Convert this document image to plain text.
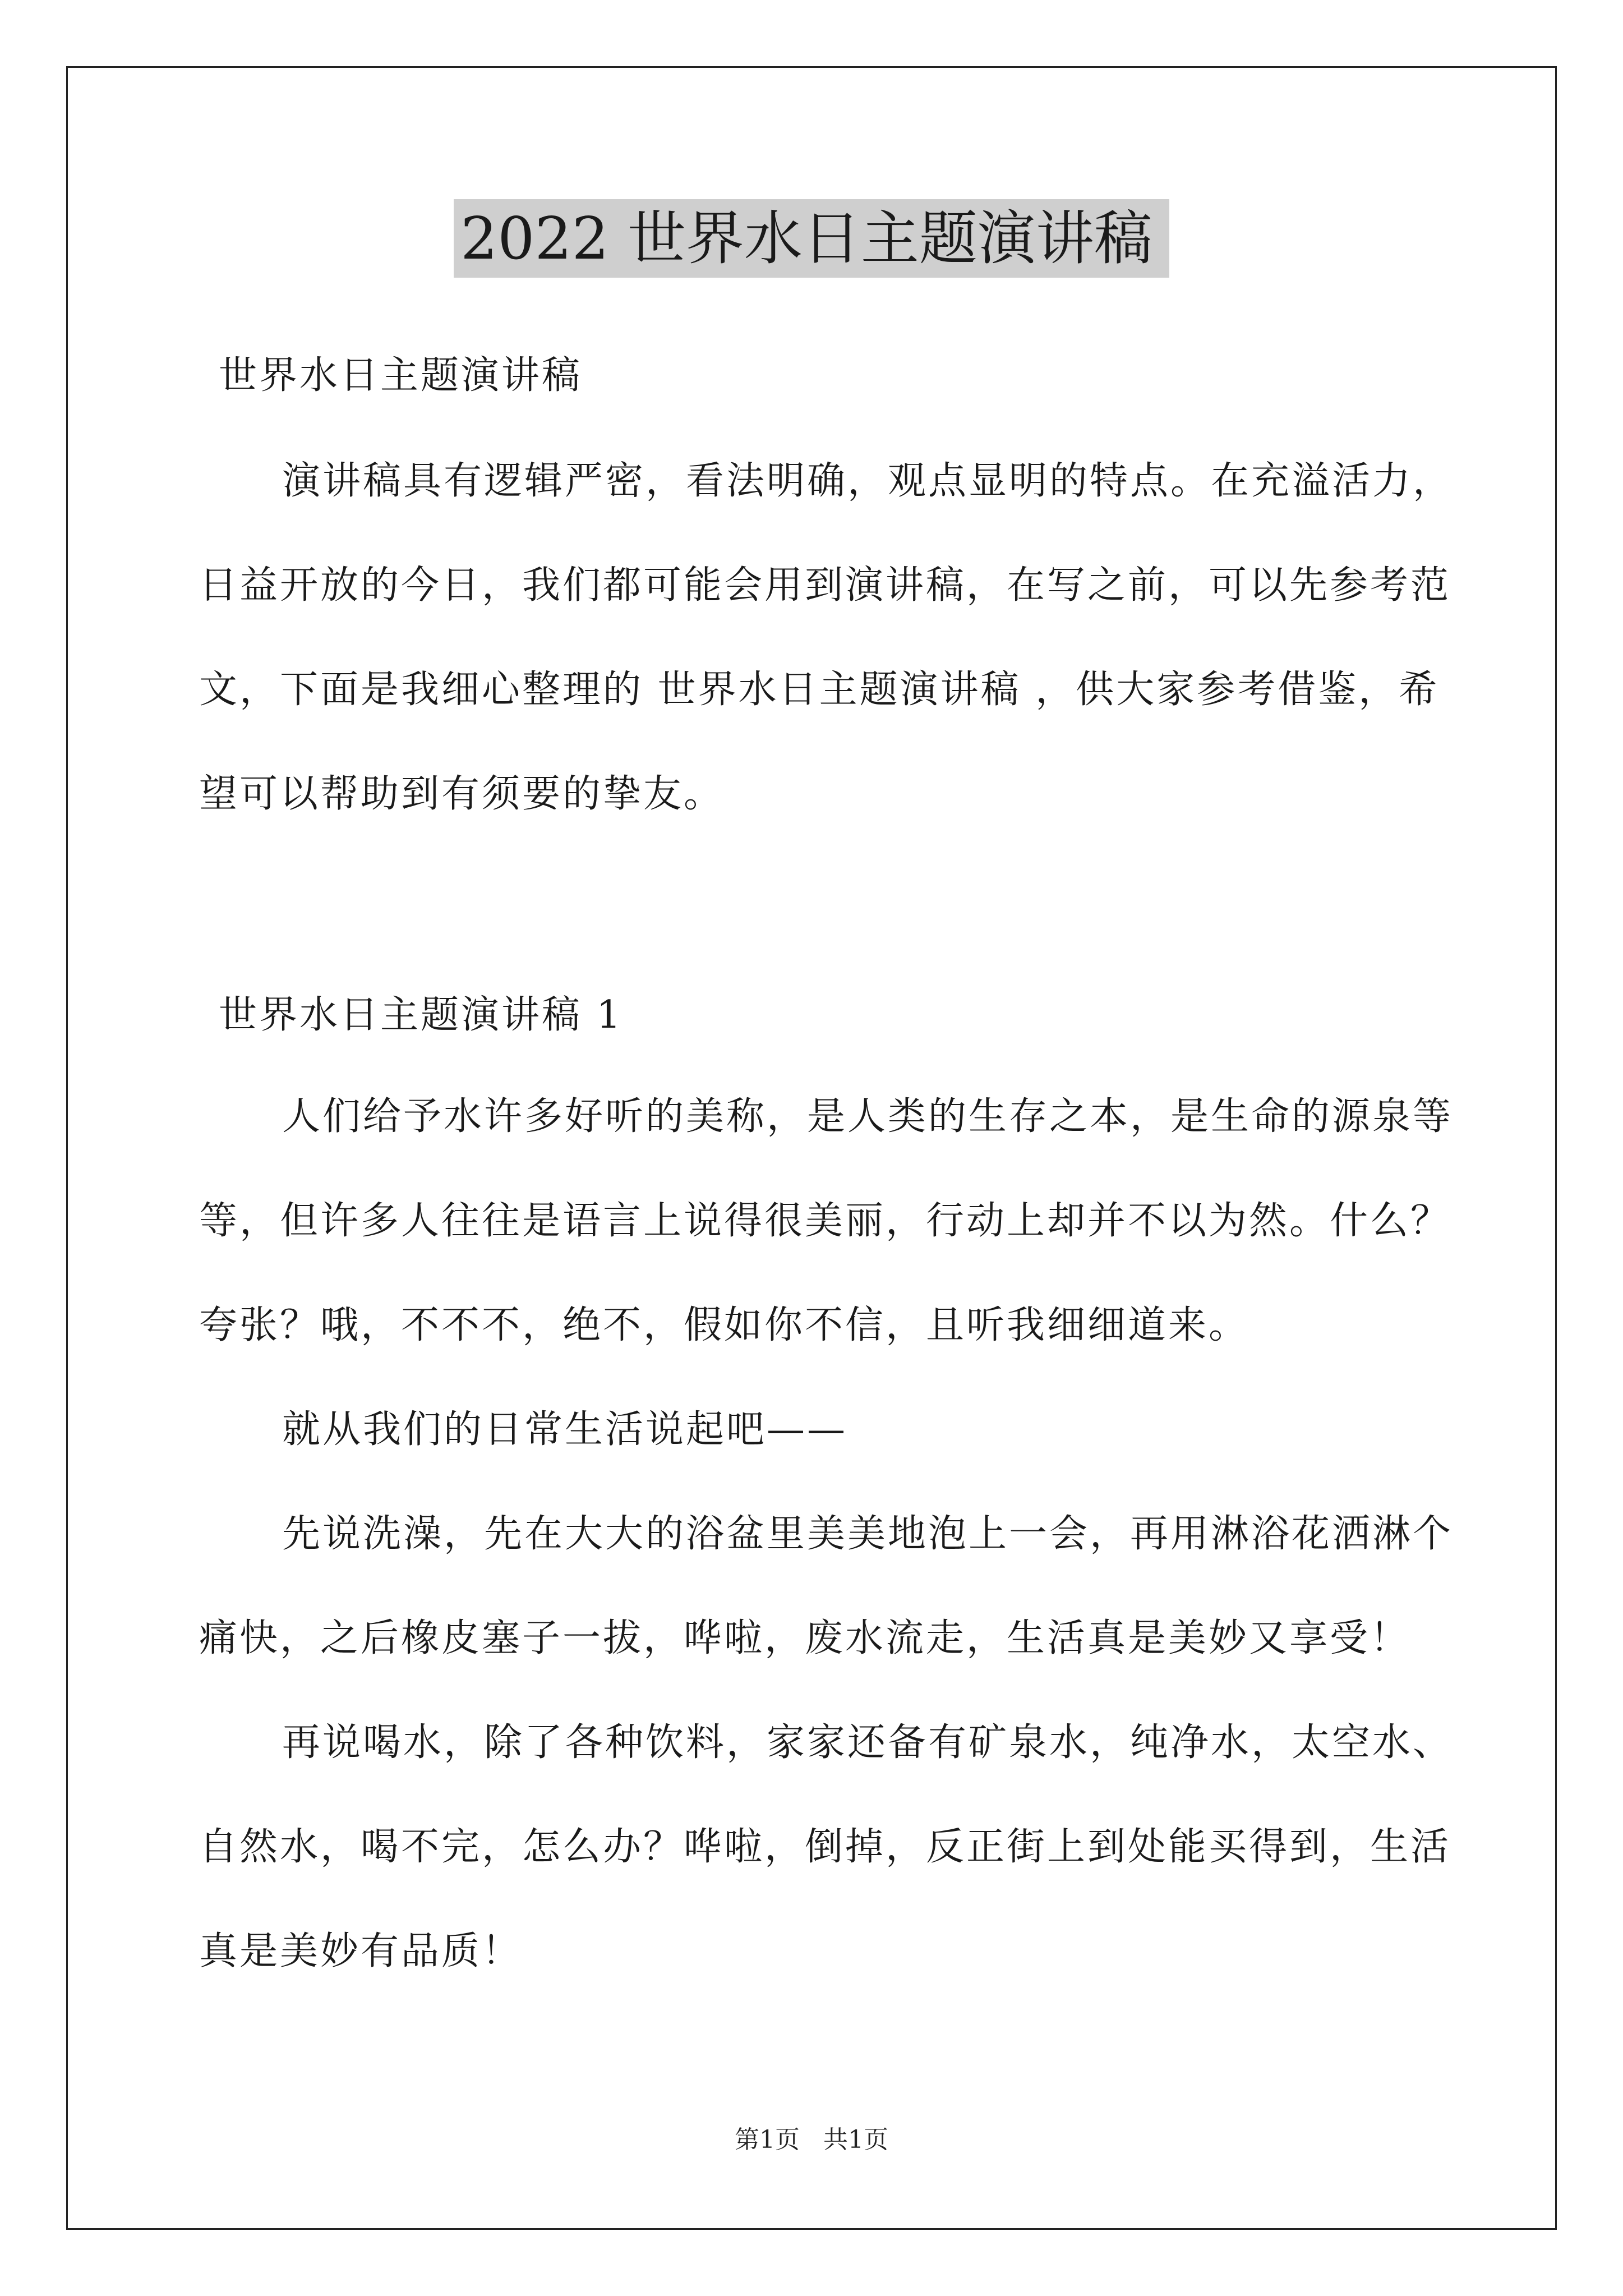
2022 世界水日主题演讲稿

世界水日主题演讲稿

演讲稿具有逻辑严密，看法明确，观点显明的特点。在充溢活力，日益开放的今日，我们都可能会用到演讲稿，在写之前，可以先参考范文，下面是我细心整理的 世界水日主题演讲稿 ，供大家参考借鉴，希望可以帮助到有须要的挚友。

世界水日主题演讲稿 1

人们给予水许多好听的美称，是人类的生存之本，是生命的源泉等等，但许多人往往是语言上说得很美丽，行动上却并不以为然。什么？夸张？哦，不不不，绝不，假如你不信，且听我细细道来。

就从我们的日常生活说起吧——

先说洗澡，先在大大的浴盆里美美地泡上一会，再用淋浴花洒淋个痛快，之后橡皮塞子一拔，哗啦，废水流走，生活真是美妙又享受！

再说喝水，除了各种饮料，家家还备有矿泉水，纯净水，太空水、自然水，喝不完，怎么办？哗啦，倒掉，反正街上到处能买得到，生活真是美妙有品质！

第1页   共1页
